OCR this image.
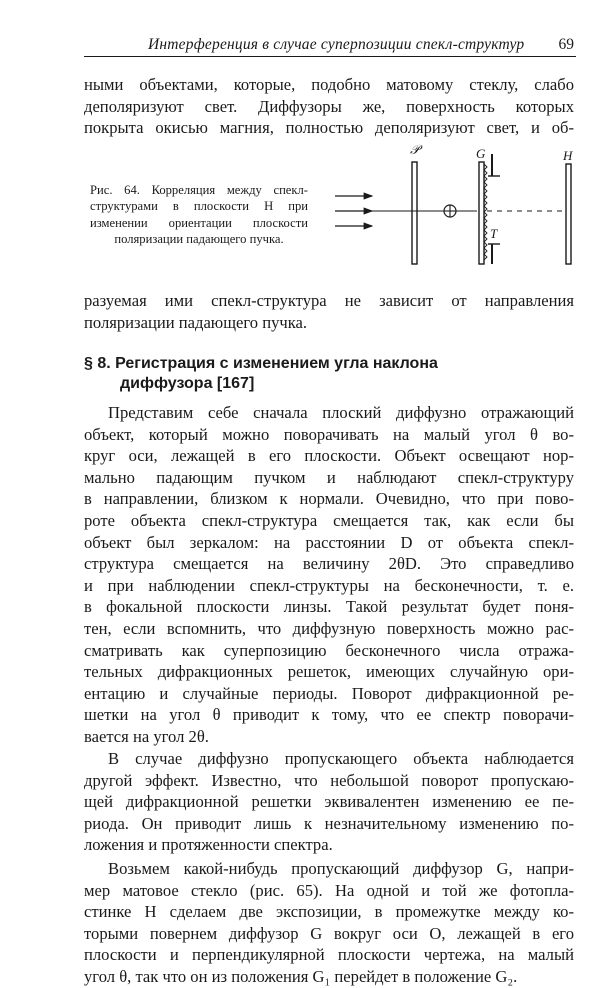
Интерференция в случае суперпозиции спекл-структур 69
ными объектами, которые, подобно матовому стеклу, слабо
деполяризуют свет. Диффузоры же, поверхность которых
покрыта окисью магния, полностью деполяризуют свет, и об-
Рис. 64. Корреляция между спекл-
структурами в плоскости H при
изменении ориентации плоскости
поляризации падающего пучка.
𝒫	G	H
T
разуемая ими спекл-структура не зависит от направления
поляризации падающего пучка.
§ 8. Регистрация с изменением угла наклона
диффузора [167]
Представим себе сначала плоский диффузно отражающий
объект, который можно поворачивать на малый угол θ во-
круг оси, лежащей в его плоскости. Объект освещают нор-
мально падающим пучком и наблюдают спекл-структуру
в направлении, близком к нормали. Очевидно, что при пово-
роте объекта спекл-структура смещается так, как если бы
объект был зеркалом: на расстоянии D от объекта спекл-
структура смещается на величину 2θD. Это справедливо
и при наблюдении спекл-структуры на бесконечности, т. е.
в фокальной плоскости линзы. Такой результат будет поня-
тен, если вспомнить, что диффузную поверхность можно рас-
сматривать как суперпозицию бесконечного числа отража-
тельных дифракционных решеток, имеющих случайную ори-
ентацию и случайные периоды. Поворот дифракционной ре-
шетки на угол θ приводит к тому, что ее спектр поворачи-
вается на угол 2θ.
В случае диффузно пропускающего объекта наблюдается
другой эффект. Известно, что небольшой поворот пропускаю-
щей дифракционной решетки эквивалентен изменению ее пе-
риода. Он приводит лишь к незначительному изменению по-
ложения и протяженности спектра.
Возьмем какой-нибудь пропускающий диффузор G, напри-
мер матовое стекло (рис. 65). На одной и той же фотопла-
стинке H сделаем две экспозиции, в промежутке между ко-
торыми повернем диффузор G вокруг оси O, лежащей в его
плоскости и перпендикулярной плоскости чертежа, на малый
угол θ, так что он из положения G₁ перейдет в положение G₂.
